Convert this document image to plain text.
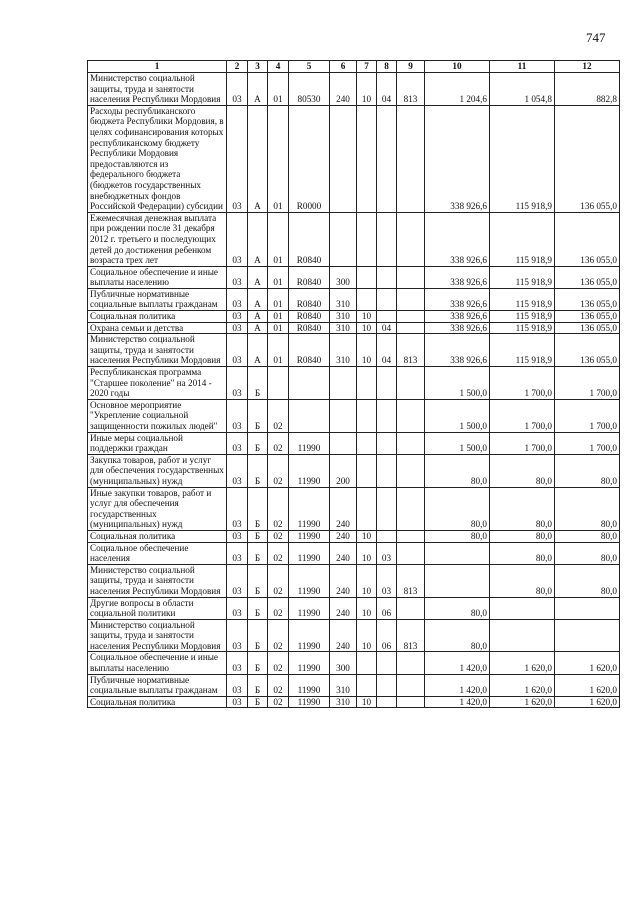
747
1	2	3	4	5	6	7	8	9	10	11	12
Министерство социальной защиты, труда и занятости населения Республики Мордовия	03	А	01	80530	240	10	04	813	1 204,6	1 054,8	882,8
Расходы республиканского бюджета Республики Мордовия, в целях софинансирования которых республиканскому бюджету Республики Мордовия предоставляются из федерального бюджета (бюджетов государственных внебюджетных фондов Российской Федерации) субсидии	03	А	01	R0000					338 926,6	115 918,9	136 055,0
Ежемесячная денежная выплата при рождении после 31 декабря 2012 г. третьего и последующих детей до достижения ребенком возраста трех лет	03	А	01	R0840					338 926,6	115 918,9	136 055,0
Социальное обеспечение и иные выплаты населению	03	А	01	R0840	300				338 926,6	115 918,9	136 055,0
Публичные нормативные социальные выплаты гражданам	03	А	01	R0840	310				338 926,6	115 918,9	136 055,0
Социальная политика	03	А	01	R0840	310	10			338 926,6	115 918,9	136 055,0
Охрана семьи и детства	03	А	01	R0840	310	10	04		338 926,6	115 918,9	136 055,0
Министерство социальной защиты, труда и занятости населения Республики Мордовия	03	А	01	R0840	310	10	04	813	338 926,6	115 918,9	136 055,0
Республиканская программа "Старшее поколение" на 2014 - 2020 годы	03	Б							1 500,0	1 700,0	1 700,0
Основное мероприятие "Укрепление социальной защищенности пожилых людей"	03	Б	02						1 500,0	1 700,0	1 700,0
Иные меры социальной поддержки граждан	03	Б	02	11990					1 500,0	1 700,0	1 700,0
Закупка товаров, работ и услуг для обеспечения государственных (муниципальных) нужд	03	Б	02	11990	200				80,0	80,0	80,0
Иные закупки товаров, работ и услуг для обеспечения государственных (муниципальных) нужд	03	Б	02	11990	240				80,0	80,0	80,0
Социальная политика	03	Б	02	11990	240	10			80,0	80,0	80,0
Социальное обеспечение населения	03	Б	02	11990	240	10	03			80,0	80,0
Министерство социальной защиты, труда и занятости населения Республики Мордовия	03	Б	02	11990	240	10	03	813		80,0	80,0
Другие вопросы в области социальной политики	03	Б	02	11990	240	10	06		80,0		
Министерство социальной защиты, труда и занятости населения Республики Мордовия	03	Б	02	11990	240	10	06	813	80,0		
Социальное обеспечение и иные выплаты населению	03	Б	02	11990	300				1 420,0	1 620,0	1 620,0
Публичные нормативные социальные выплаты гражданам	03	Б	02	11990	310				1 420,0	1 620,0	1 620,0
Социальная политика	03	Б	02	11990	310	10			1 420,0	1 620,0	1 620,0
